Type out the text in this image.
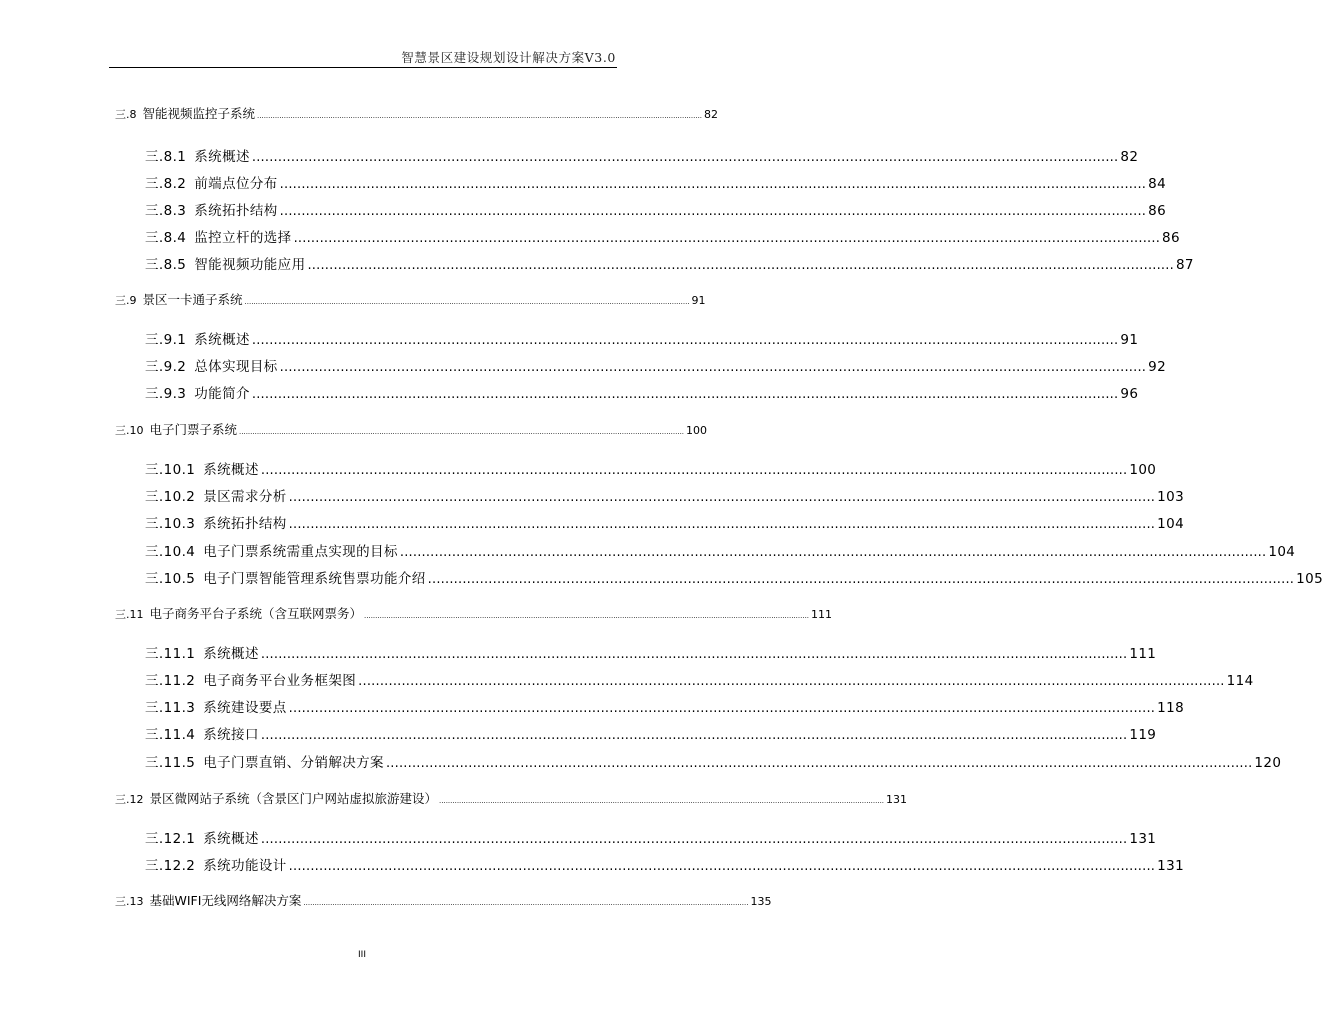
智慧景区建设规划设计解决方案V3.0
三.8 智能视频监控子系统 ........................................................................................................................................................................................................ 82
三.8.1 系统概述 ........................................................................................................................................................................................................ 82
三.8.2 前端点位分布 ........................................................................................................................................................................................................ 84
三.8.3 系统拓扑结构 ........................................................................................................................................................................................................ 86
三.8.4 监控立杆的选择 ........................................................................................................................................................................................................ 86
三.8.5 智能视频功能应用 ........................................................................................................................................................................................................ 87
三.9 景区一卡通子系统 ........................................................................................................................................................................................................ 91
三.9.1 系统概述 ........................................................................................................................................................................................................ 91
三.9.2 总体实现目标 ........................................................................................................................................................................................................ 92
三.9.3 功能简介 ........................................................................................................................................................................................................ 96
三.10 电子门票子系统 ........................................................................................................................................................................................................ 100
三.10.1 系统概述 ........................................................................................................................................................................................................ 100
三.10.2 景区需求分析 ........................................................................................................................................................................................................ 103
三.10.3 系统拓扑结构 ........................................................................................................................................................................................................ 104
三.10.4 电子门票系统需重点实现的目标 ........................................................................................................................................................................................................ 104
三.10.5 电子门票智能管理系统售票功能介绍 ........................................................................................................................................................................................................ 105
三.11 电子商务平台子系统（含互联网票务） ........................................................................................................................................................................................................ 111
三.11.1 系统概述 ........................................................................................................................................................................................................ 111
三.11.2 电子商务平台业务框架图 ........................................................................................................................................................................................................ 114
三.11.3 系统建设要点 ........................................................................................................................................................................................................ 118
三.11.4 系统接口 ........................................................................................................................................................................................................ 119
三.11.5 电子门票直销、分销解决方案 ........................................................................................................................................................................................................ 120
三.12 景区微网站子系统（含景区门户网站虚拟旅游建设） ........................................................................................................................................................................................................ 131
三.12.1 系统概述 ........................................................................................................................................................................................................ 131
三.12.2 系统功能设计 ........................................................................................................................................................................................................ 131
三.13 基础WIFI无线网络解决方案 ........................................................................................................................................................................................................ 135
III
